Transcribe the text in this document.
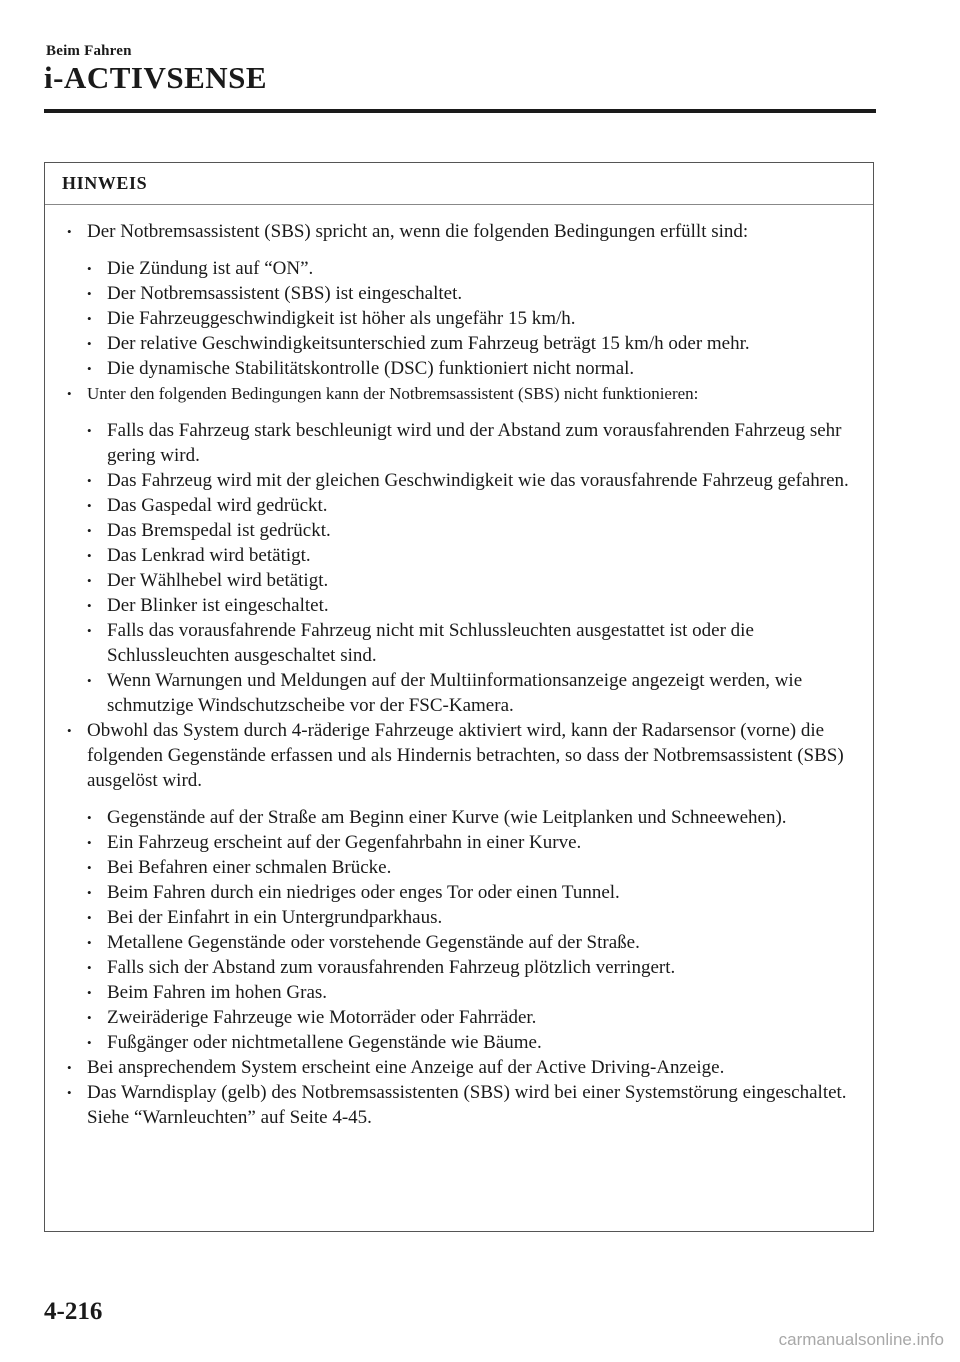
Beim Fahren
i-ACTIVSENSE
HINWEIS
• Der Notbremsassistent (SBS) spricht an, wenn die folgenden Bedingungen erfüllt sind:
• Die Zündung ist auf “ON”.
• Der Notbremsassistent (SBS) ist eingeschaltet.
• Die Fahrzeuggeschwindigkeit ist höher als ungefähr 15 km/h.
• Der relative Geschwindigkeitsunterschied zum Fahrzeug beträgt 15 km/h oder mehr.
• Die dynamische Stabilitätskontrolle (DSC) funktioniert nicht normal.
• Unter den folgenden Bedingungen kann der Notbremsassistent (SBS) nicht funktionieren:
• Falls das Fahrzeug stark beschleunigt wird und der Abstand zum vorausfahrenden Fahrzeug sehr gering wird.
• Das Fahrzeug wird mit der gleichen Geschwindigkeit wie das vorausfahrende Fahrzeug gefahren.
• Das Gaspedal wird gedrückt.
• Das Bremspedal ist gedrückt.
• Das Lenkrad wird betätigt.
• Der Wählhebel wird betätigt.
• Der Blinker ist eingeschaltet.
• Falls das vorausfahrende Fahrzeug nicht mit Schlussleuchten ausgestattet ist oder die Schlussleuchten ausgeschaltet sind.
• Wenn Warnungen und Meldungen auf der Multiinformationsanzeige angezeigt werden, wie schmutzige Windschutzscheibe vor der FSC-Kamera.
• Obwohl das System durch 4-räderige Fahrzeuge aktiviert wird, kann der Radarsensor (vorne) die folgenden Gegenstände erfassen und als Hindernis betrachten, so dass der Notbremsassistent (SBS) ausgelöst wird.
• Gegenstände auf der Straße am Beginn einer Kurve (wie Leitplanken und Schneewehen).
• Ein Fahrzeug erscheint auf der Gegenfahrbahn in einer Kurve.
• Bei Befahren einer schmalen Brücke.
• Beim Fahren durch ein niedriges oder enges Tor oder einen Tunnel.
• Bei der Einfahrt in ein Untergrundparkhaus.
• Metallene Gegenstände oder vorstehende Gegenstände auf der Straße.
• Falls sich der Abstand zum vorausfahrenden Fahrzeug plötzlich verringert.
• Beim Fahren im hohen Gras.
• Zweiräderige Fahrzeuge wie Motorräder oder Fahrräder.
• Fußgänger oder nichtmetallene Gegenstände wie Bäume.
• Bei ansprechendem System erscheint eine Anzeige auf der Active Driving-Anzeige.
• Das Warndisplay (gelb) des Notbremsassistenten (SBS) wird bei einer Systemstörung eingeschaltet.
Siehe “Warnleuchten” auf Seite 4-45.
4-216
carmanualsonline.info
